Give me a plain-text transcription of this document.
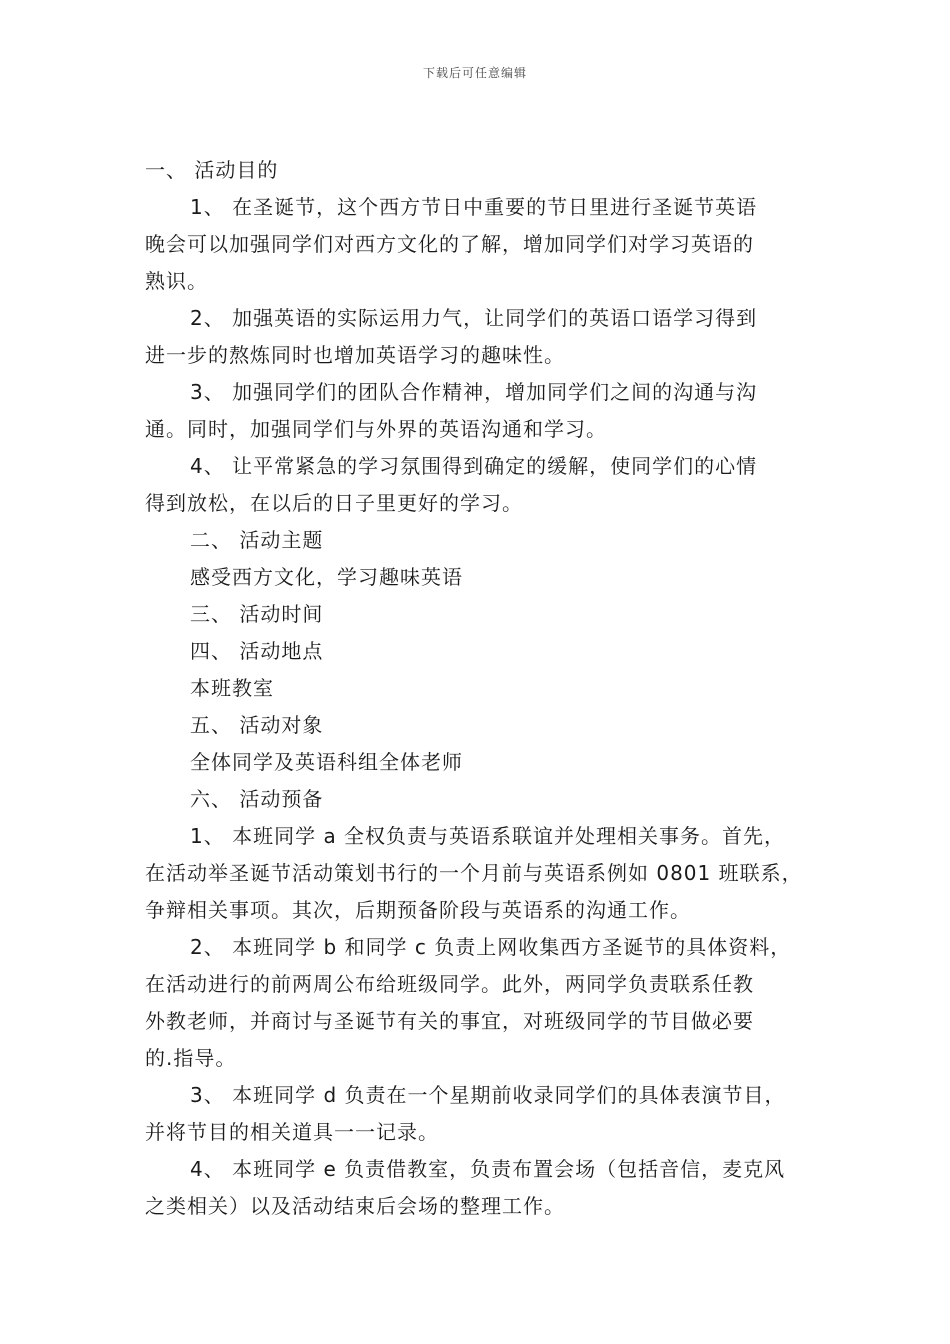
下载后可任意编辑
一、 活动目的
1、 在圣诞节，这个西方节日中重要的节日里进行圣诞节英语
晚会可以加强同学们对西方文化的了解，增加同学们对学习英语的
熟识。
2、 加强英语的实际运用力气，让同学们的英语口语学习得到
进一步的熬炼同时也增加英语学习的趣味性。
3、 加强同学们的团队合作精神，增加同学们之间的沟通与沟
通。同时，加强同学们与外界的英语沟通和学习。
4、 让平常紧急的学习氛围得到确定的缓解，使同学们的心情
得到放松，在以后的日子里更好的学习。
二、 活动主题
感受西方文化，学习趣味英语
三、 活动时间
四、 活动地点
本班教室
五、 活动对象
全体同学及英语科组全体老师
六、 活动预备
1、 本班同学 a 全权负责与英语系联谊并处理相关事务。首先，
在活动举圣诞节活动策划书行的一个月前与英语系例如 0801 班联系，
争辩相关事项。其次，后期预备阶段与英语系的沟通工作。
2、 本班同学 b 和同学 c 负责上网收集西方圣诞节的具体资料，
在活动进行的前两周公布给班级同学。此外，两同学负责联系任教
外教老师，并商讨与圣诞节有关的事宜，对班级同学的节目做必要
的.指导。
3、 本班同学 d 负责在一个星期前收录同学们的具体表演节目，
并将节目的相关道具一一记录。
4、 本班同学 e 负责借教室，负责布置会场（包括音信，麦克风
之类相关）以及活动结束后会场的整理工作。
